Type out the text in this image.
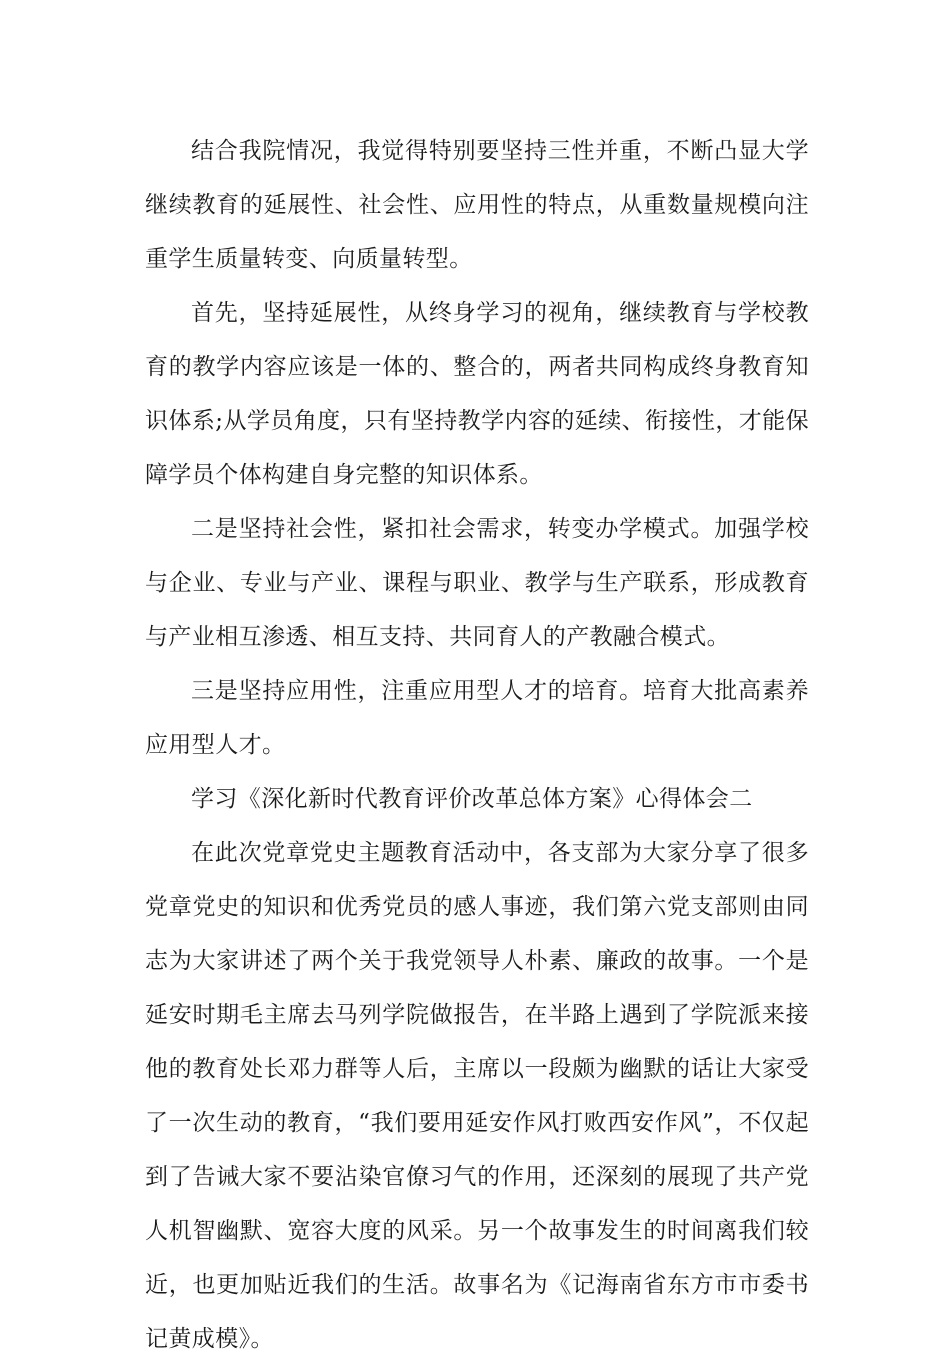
结合我院情况，我觉得特别要坚持三性并重，不断凸显大学继续教育的延展性、社会性、应用性的特点，从重数量规模向注重学生质量转变、向质量转型。

首先，坚持延展性，从终身学习的视角，继续教育与学校教育的教学内容应该是一体的、整合的，两者共同构成终身教育知识体系;从学员角度，只有坚持教学内容的延续、衔接性，才能保障学员个体构建自身完整的知识体系。

二是坚持社会性，紧扣社会需求，转变办学模式。加强学校与企业、专业与产业、课程与职业、教学与生产联系，形成教育与产业相互渗透、相互支持、共同育人的产教融合模式。

三是坚持应用性，注重应用型人才的培育。培育大批高素养应用型人才。

学习《深化新时代教育评价改革总体方案》心得体会二

在此次党章党史主题教育活动中，各支部为大家分享了很多党章党史的知识和优秀党员的感人事迹，我们第六党支部则由同志为大家讲述了两个关于我党领导人朴素、廉政的故事。一个是延安时期毛主席去马列学院做报告，在半路上遇到了学院派来接他的教育处长邓力群等人后，主席以一段颇为幽默的话让大家受了一次生动的教育，“我们要用延安作风打败西安作风”，不仅起到了告诫大家不要沾染官僚习气的作用，还深刻的展现了共产党人机智幽默、宽容大度的风采。另一个故事发生的时间离我们较近，也更加贴近我们的生活。故事名为《记海南省东方市市委书记黄成模》。
